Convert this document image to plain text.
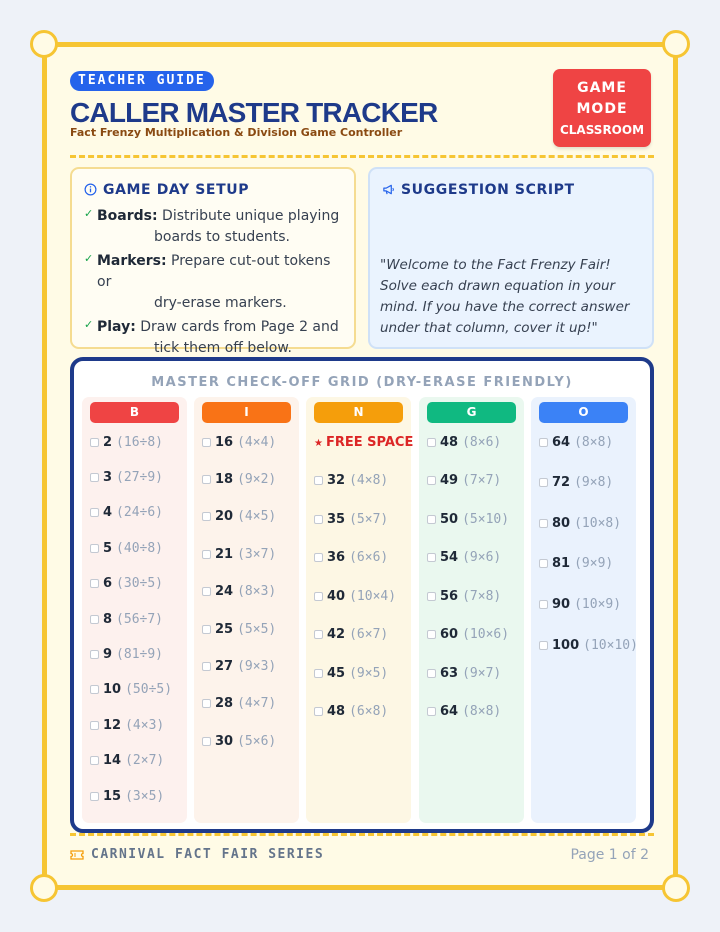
TEACHER GUIDE
CALLER MASTER TRACKER
Fact Frenzy Multiplication & Division Game Controller
GAME
MODE
CLASSROOM
GAME DAY SETUP
✓ Boards: Distribute unique playing
boards to students.
✓ Markers: Prepare cut-out tokens or
dry-erase markers.
✓ Play: Draw cards from Page 2 and
tick them off below.
SUGGESTION SCRIPT
"Welcome to the Fact Frenzy Fair! Solve each drawn equation in your mind. If you have the correct answer under that column, cover it up!"
MASTER CHECK-OFF GRID (DRY-ERASE FRIENDLY)
B
2 (16÷8)
3 (27÷9)
4 (24÷6)
5 (40÷8)
6 (30÷5)
8 (56÷7)
9 (81÷9)
10 (50÷5)
12 (4×3)
14 (2×7)
15 (3×5)
I
16 (4×4)
18 (9×2)
20 (4×5)
21 (3×7)
24 (8×3)
25 (5×5)
27 (9×3)
28 (4×7)
30 (5×6)
N
★ FREE SPACE
32 (4×8)
35 (5×7)
36 (6×6)
40 (10×4)
42 (6×7)
45 (9×5)
48 (6×8)
G
48 (8×6)
49 (7×7)
50 (5×10)
54 (9×6)
56 (7×8)
60 (10×6)
63 (9×7)
64 (8×8)
O
64 (8×8)
72 (9×8)
80 (10×8)
81 (9×9)
90 (10×9)
100 (10×10)
CARNIVAL FACT FAIR SERIES	Page 1 of 2
